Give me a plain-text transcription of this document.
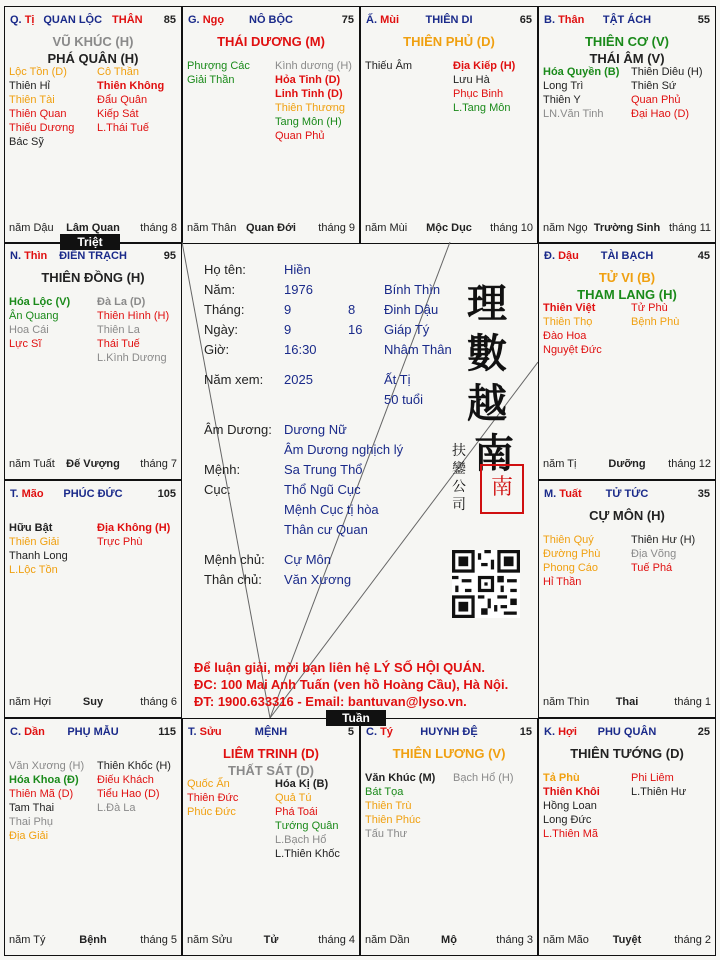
Q. Tị QUAN LỘC THÂN	85
VŨ KHÚC (H)
PHÁ QUÂN (H)
Lộc Tồn (D)
Thiên Hỉ
Thiên Tài
Thiên Quan
Thiếu Dương
Bác Sỹ
Cô Thần
Thiên Không
Đẩu Quân
Kiếp Sát
L.Thái Tuế
năm Dậu	Lâm Quan	tháng 8
G. Ngọ	NÔ BỘC	75
THÁI DƯƠNG (M)
Phượng Các
Giải Thần
Kình dương (H)
Hỏa Tinh (D)
Linh Tinh (D)
Thiên Thương
Tang Môn (H)
Quan Phủ
năm Thân Quan Đới	tháng 9
Ấ. Mùi	THIÊN DI	65
THIÊN PHỦ (D)
Thiếu Âm	Địa Kiếp (H)
Lưu Hà
Phục Binh
L.Tang Môn
năm Mùi	Mộc Dục	tháng 10
B. Thân	TẬT ÁCH	55
THIÊN CƠ (V)
THÁI ÂM (V)
Hóa Quyền (B)
Long Trì
Thiên Y
LN.Văn Tinh
Thiên Diêu (H)
Thiên Sứ
Quan Phủ
Đại Hao (D)
năm Ngọ Trường Sinh tháng 11
N. Thìn	ĐIỀN TRẠCH	95
THIÊN ĐỒNG (H)
Hóa Lộc (V)
Ân Quang
Hoa Cái
Lực Sĩ
Đà La (D)
Thiên Hình (H)
Thiên La
Thái Tuế
L.Kình Dương
năm Tuất	Đế Vượng	tháng 7
Đ. Dậu	TÀI BẠCH	45
TỬ VI (B)
THAM LANG (H)
Thiên Việt
Thiên Thọ
Đào Hoa
Nguyệt Đức
Tử Phù
Bệnh Phù
năm Tị	Dưỡng	tháng 12
T. Mão	PHÚC ĐỨC	105
Hữu Bật
Thiên Giải
Thanh Long
L.Lộc Tồn
Địa Không (H)
Trực Phù
năm Hợi	Suy	tháng 6
M. Tuất	TỬ TỨC	35
CỰ MÔN (H)
Thiên Quý
Đường Phù
Phong Cáo
Hỉ Thần
Thiên Hư (H)
Địa Võng
Tuế Phá
năm Thìn	Thai	tháng 1
C. Dần	PHỤ MẪU	115
Văn Xương (H)
Hóa Khoa (Đ)
Thiên Mã (D)
Tam Thai
Thai Phụ
Địa Giải
Thiên Khốc (H)
Điếu Khách
Tiểu Hao (D)
L.Đà La
năm Tý	Bệnh	tháng 5
T. Sửu	MỆNH	5
LIÊM TRINH (D)
THẤT SÁT (D)
Quốc Ấn
Thiên Đức
Phúc Đức
Hóa Kị (B)
Quả Tú
Phá Toái
Tướng Quân
L.Bạch Hổ
L.Thiên Khốc
năm Sửu	Tử	tháng 4
C. Tý	HUYNH ĐỆ	15
THIÊN LƯƠNG (V)
Văn Khúc (M)
Bát Tọa
Thiên Trù
Thiên Phúc
Tấu Thư
Bạch Hổ (H)
năm Dần	Mộ	tháng 3
K. Hợi	PHU QUÂN	25
THIÊN TƯỚNG (D)
Tả Phù
Thiên Khôi
Hồng Loan
Long Đức
L.Thiên Mã
Phi Liêm
L.Thiên Hư
năm Mão	Tuyệt	tháng 2
Họ tên:	Hiền
Năm:	1976	Bính Thìn
Tháng:	9	8 Đinh Dậu
Ngày:	9	16 Giáp Tý
Giờ:	16:30	Nhâm Thân
Năm xem: 2025	Ất Tị
50 tuổi
Âm Dương: Dương Nữ
Âm Dương nghịch lý
Mệnh:	Sa Trung Thổ
Cục:	Thổ Ngũ Cục
Mệnh Cục tị hòa
Thân cư Quan
Mệnh chủ: Cự Môn
Thân chủ: Văn Xương
理
數
越
南
扶鑾公司
南
Để luận giải, mời bạn liên hệ LÝ SỐ HỘI QUÁN.
ĐC: 100 Mai Anh Tuấn (ven hồ Hoàng Cầu), Hà Nội.
ĐT: 1900.633316 - Email: bantuvan@lyso.vn.
Triệt
Tuần
